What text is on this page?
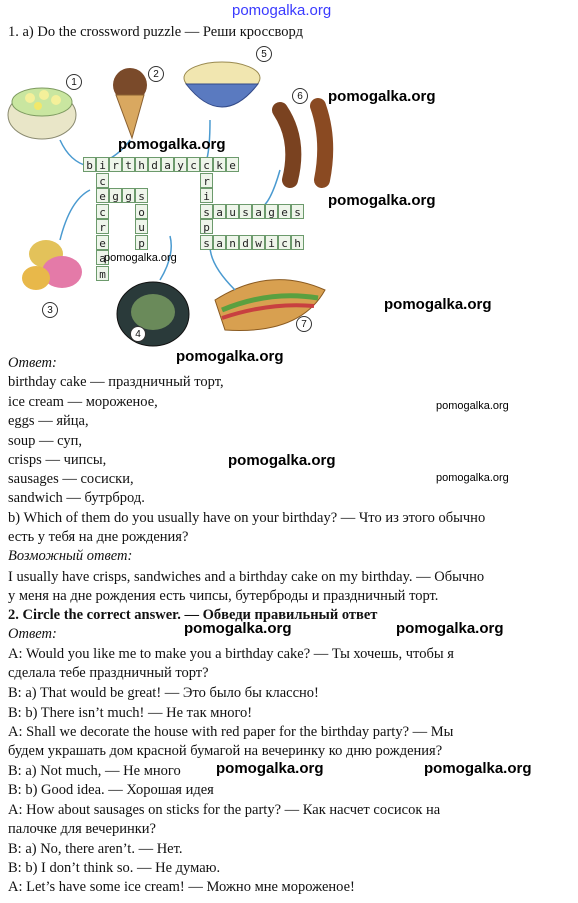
pomogalka.org
1. a) Do the crossword puzzle — Реши кроссворд
1
2
3
4
5
6
7
b i r t h d a y c c k e
c
e
c
r
e
a
m
g g s
o
u
p
r
i
s
p
s
a u s a g e s
a n d w i c h
pomogalka.org
pomogalka.org
pomogalka.org
pomogalka.org
pomogalka.org
pomogalka.org
pomogalka.org
pomogalka.org
pomogalka.org
pomogalka.org	pomogalka.org
pomogalka.org	pomogalka.org
Ответ:
birthday cake — праздничный торт,
ice cream — мороженое,
eggs — яйца,
soup — суп,
crisps — чипсы,
sausages — сосиски,
sandwich — бутрброд.
b) Which of them do you usually have on your birthday? — Что из этого обычно
есть у тебя на дне рождения?
Возможный ответ:
I usually have crisps, sandwiches and a birthday cake on my birthday. — Обычно
у меня на дне рождения есть чипсы, бутерброды и праздничный торт.
2. Circle the correct answer. — Обведи правильный ответ
Ответ:
A: Would you like me to make you a birthday cake? — Ты хочешь, чтобы я
сделала тебе праздничный торт?
B: a) That would be great! — Это было бы классно!
B: b) There isn’t much! — Не так много!
A: Shall we decorate the house with red paper for the birthday party? — Мы
будем украшать дом красной бумагой на вечеринку ко дню рождения?
B: a) Not much, — Не много
B: b) Good idea. — Хорошая идея
A: How about sausages on sticks for the party? — Как насчет сосисок на
палочке для вечеринки?
B: a) No, there aren’t. — Нет.
B: b) I don’t think so. — Не думаю.
A: Let’s have some ice cream! — Можно мне мороженое!
